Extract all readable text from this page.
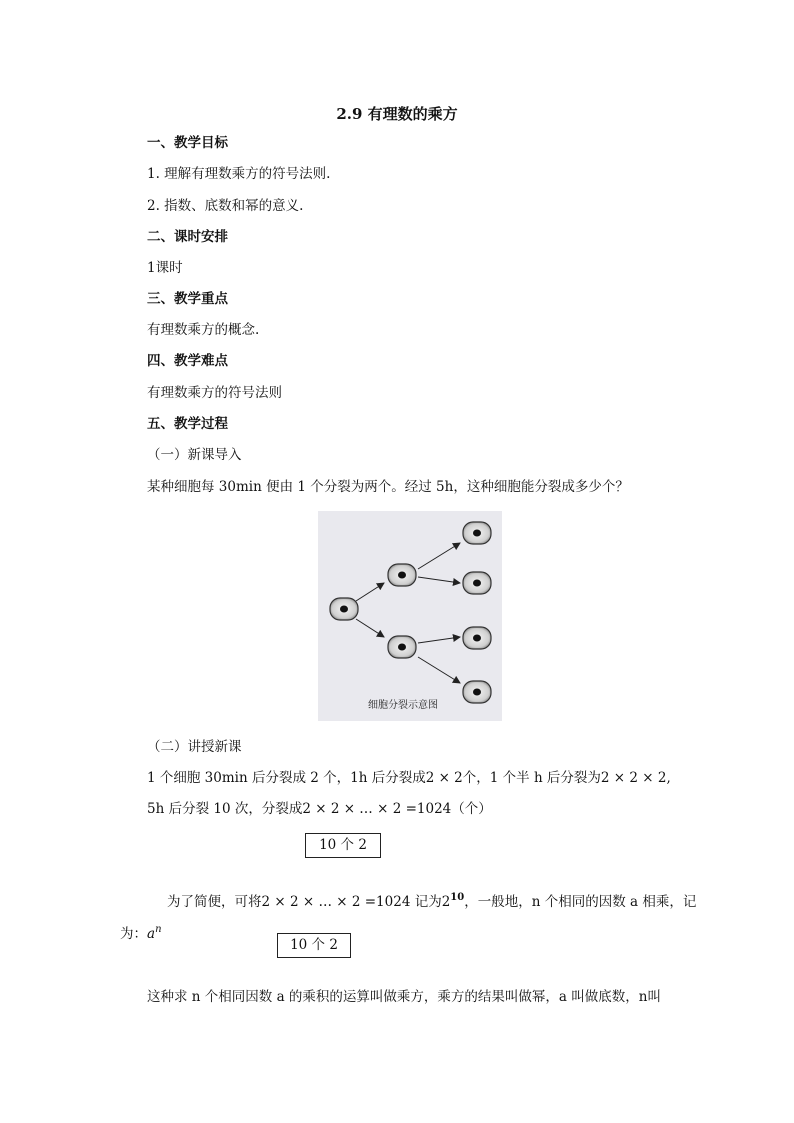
2.9 有理数的乘方
一、教学目标
1. 理解有理数乘方的符号法则.
2. 指数、底数和幂的意义.
二、课时安排
1课时
三、教学重点
有理数乘方的概念.
四、教学难点
有理数乘方的符号法则
五、教学过程
（一）新课导入
某种细胞每 30min 便由 1 个分裂为两个。经过 5h，这种细胞能分裂成多少个？
细胞分裂示意图
（二）讲授新课
1 个细胞 30min 后分裂成 2 个，1h 后分裂成2 × 2个，1 个半 h 后分裂为2 × 2 × 2,
5h 后分裂 10 次，分裂成2 × 2 × … × 2 =1024（个）
10 个 2
为了简便，可将2 × 2 × … × 2 =1024 记为$2^{10}$，一般地，n 个相同的因数 a 相乘，记
为：$a^n$
10 个 2
这种求 n 个相同因数 a 的乘积的运算叫做乘方，乘方的结果叫做幂，a 叫做底数，n叫
